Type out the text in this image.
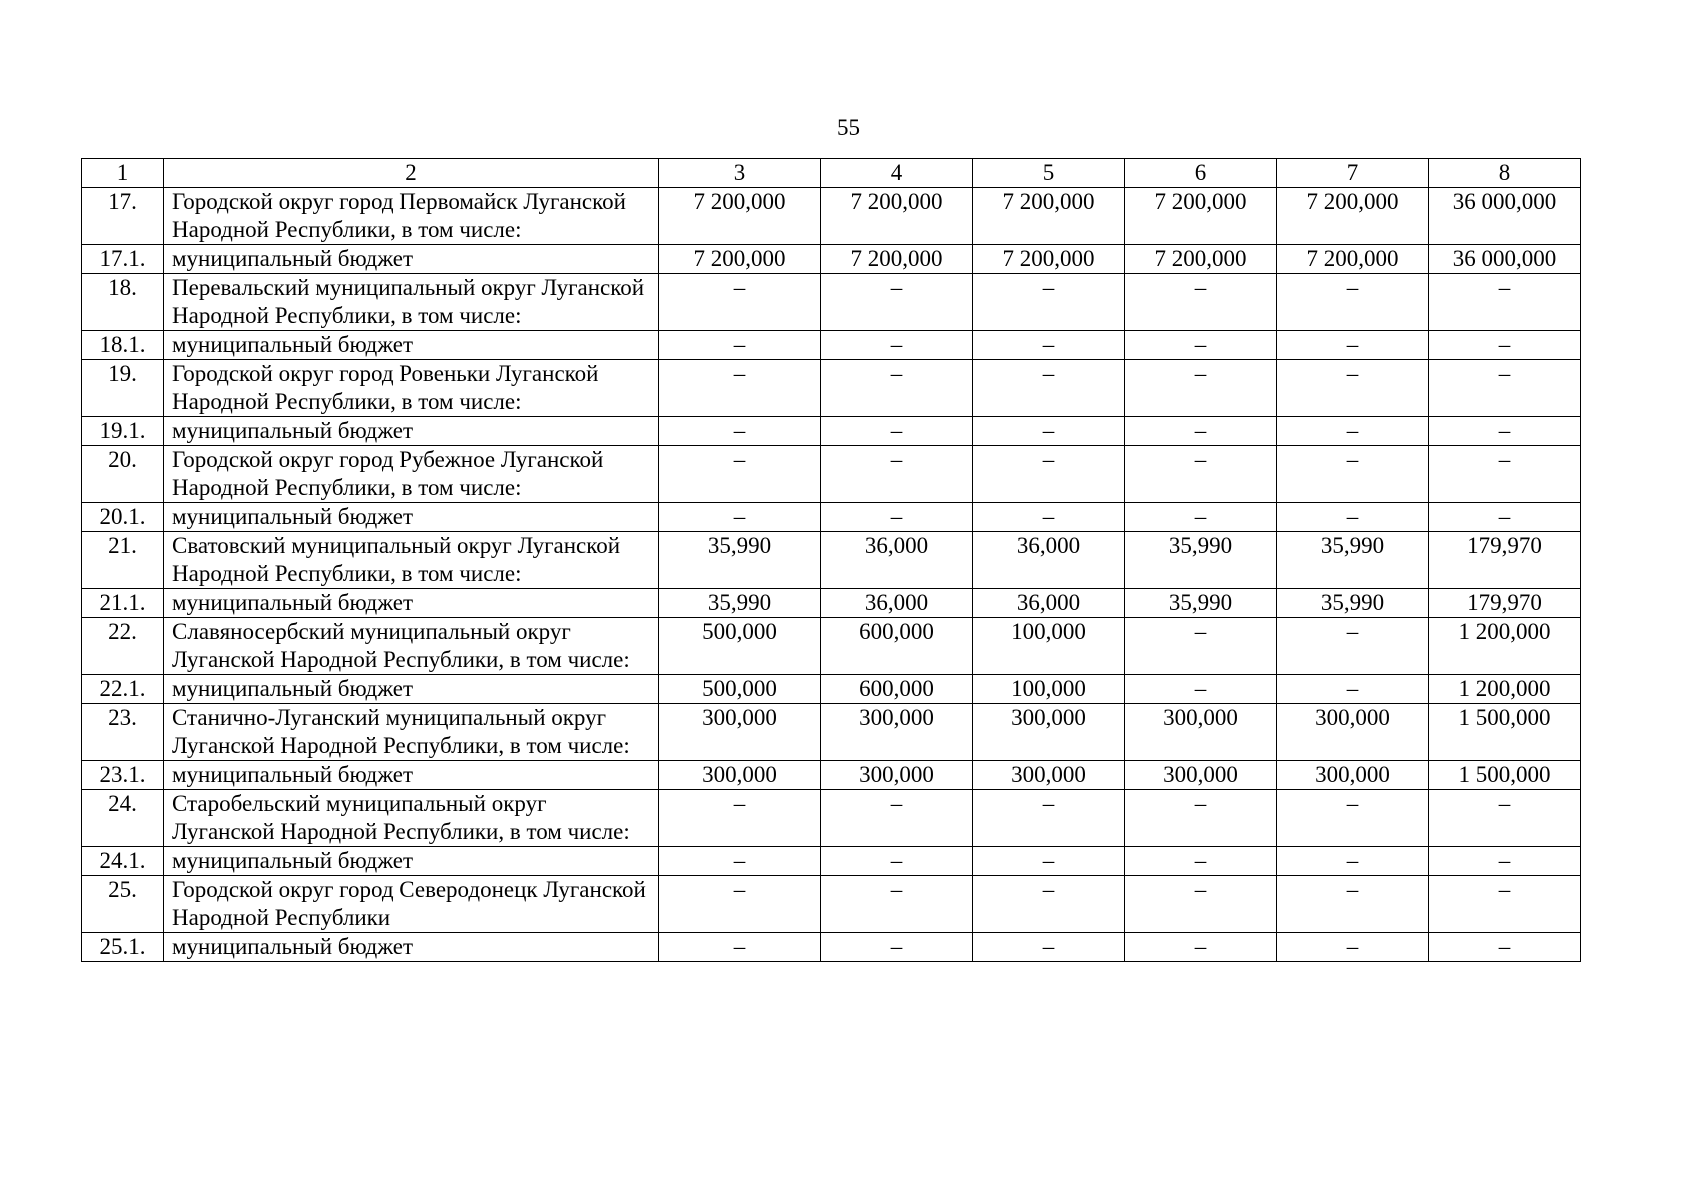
55
1	2	3	4	5	6	7	8
17.	Городской округ город Первомайск Луганской Народной Республики, в том числе:	7 200,000	7 200,000	7 200,000	7 200,000	7 200,000	36 000,000
17.1.	муниципальный бюджет	7 200,000	7 200,000	7 200,000	7 200,000	7 200,000	36 000,000
18.	Перевальский муниципальный округ Луганской Народной Республики, в том числе:	–	–	–	–	–	–
18.1.	муниципальный бюджет	–	–	–	–	–	–
19.	Городской округ город Ровеньки Луганской Народной Республики, в том числе:	–	–	–	–	–	–
19.1.	муниципальный бюджет	–	–	–	–	–	–
20.	Городской округ город Рубежное Луганской Народной Республики, в том числе:	–	–	–	–	–	–
20.1.	муниципальный бюджет	–	–	–	–	–	–
21.	Сватовский муниципальный округ Луганской Народной Республики, в том числе:	35,990	36,000	36,000	35,990	35,990	179,970
21.1.	муниципальный бюджет	35,990	36,000	36,000	35,990	35,990	179,970
22.	Славяносербский муниципальный округ Луганской Народной Республики, в том числе:	500,000	600,000	100,000	–	–	1 200,000
22.1.	муниципальный бюджет	500,000	600,000	100,000	–	–	1 200,000
23.	Станично-Луганский муниципальный округ Луганской Народной Республики, в том числе:	300,000	300,000	300,000	300,000	300,000	1 500,000
23.1.	муниципальный бюджет	300,000	300,000	300,000	300,000	300,000	1 500,000
24.	Старобельский муниципальный округ Луганской Народной Республики, в том числе:	–	–	–	–	–	–
24.1.	муниципальный бюджет	–	–	–	–	–	–
25.	Городской округ город Северодонецк Луганской Народной Республики	–	–	–	–	–	–
25.1.	муниципальный бюджет	–	–	–	–	–	–
